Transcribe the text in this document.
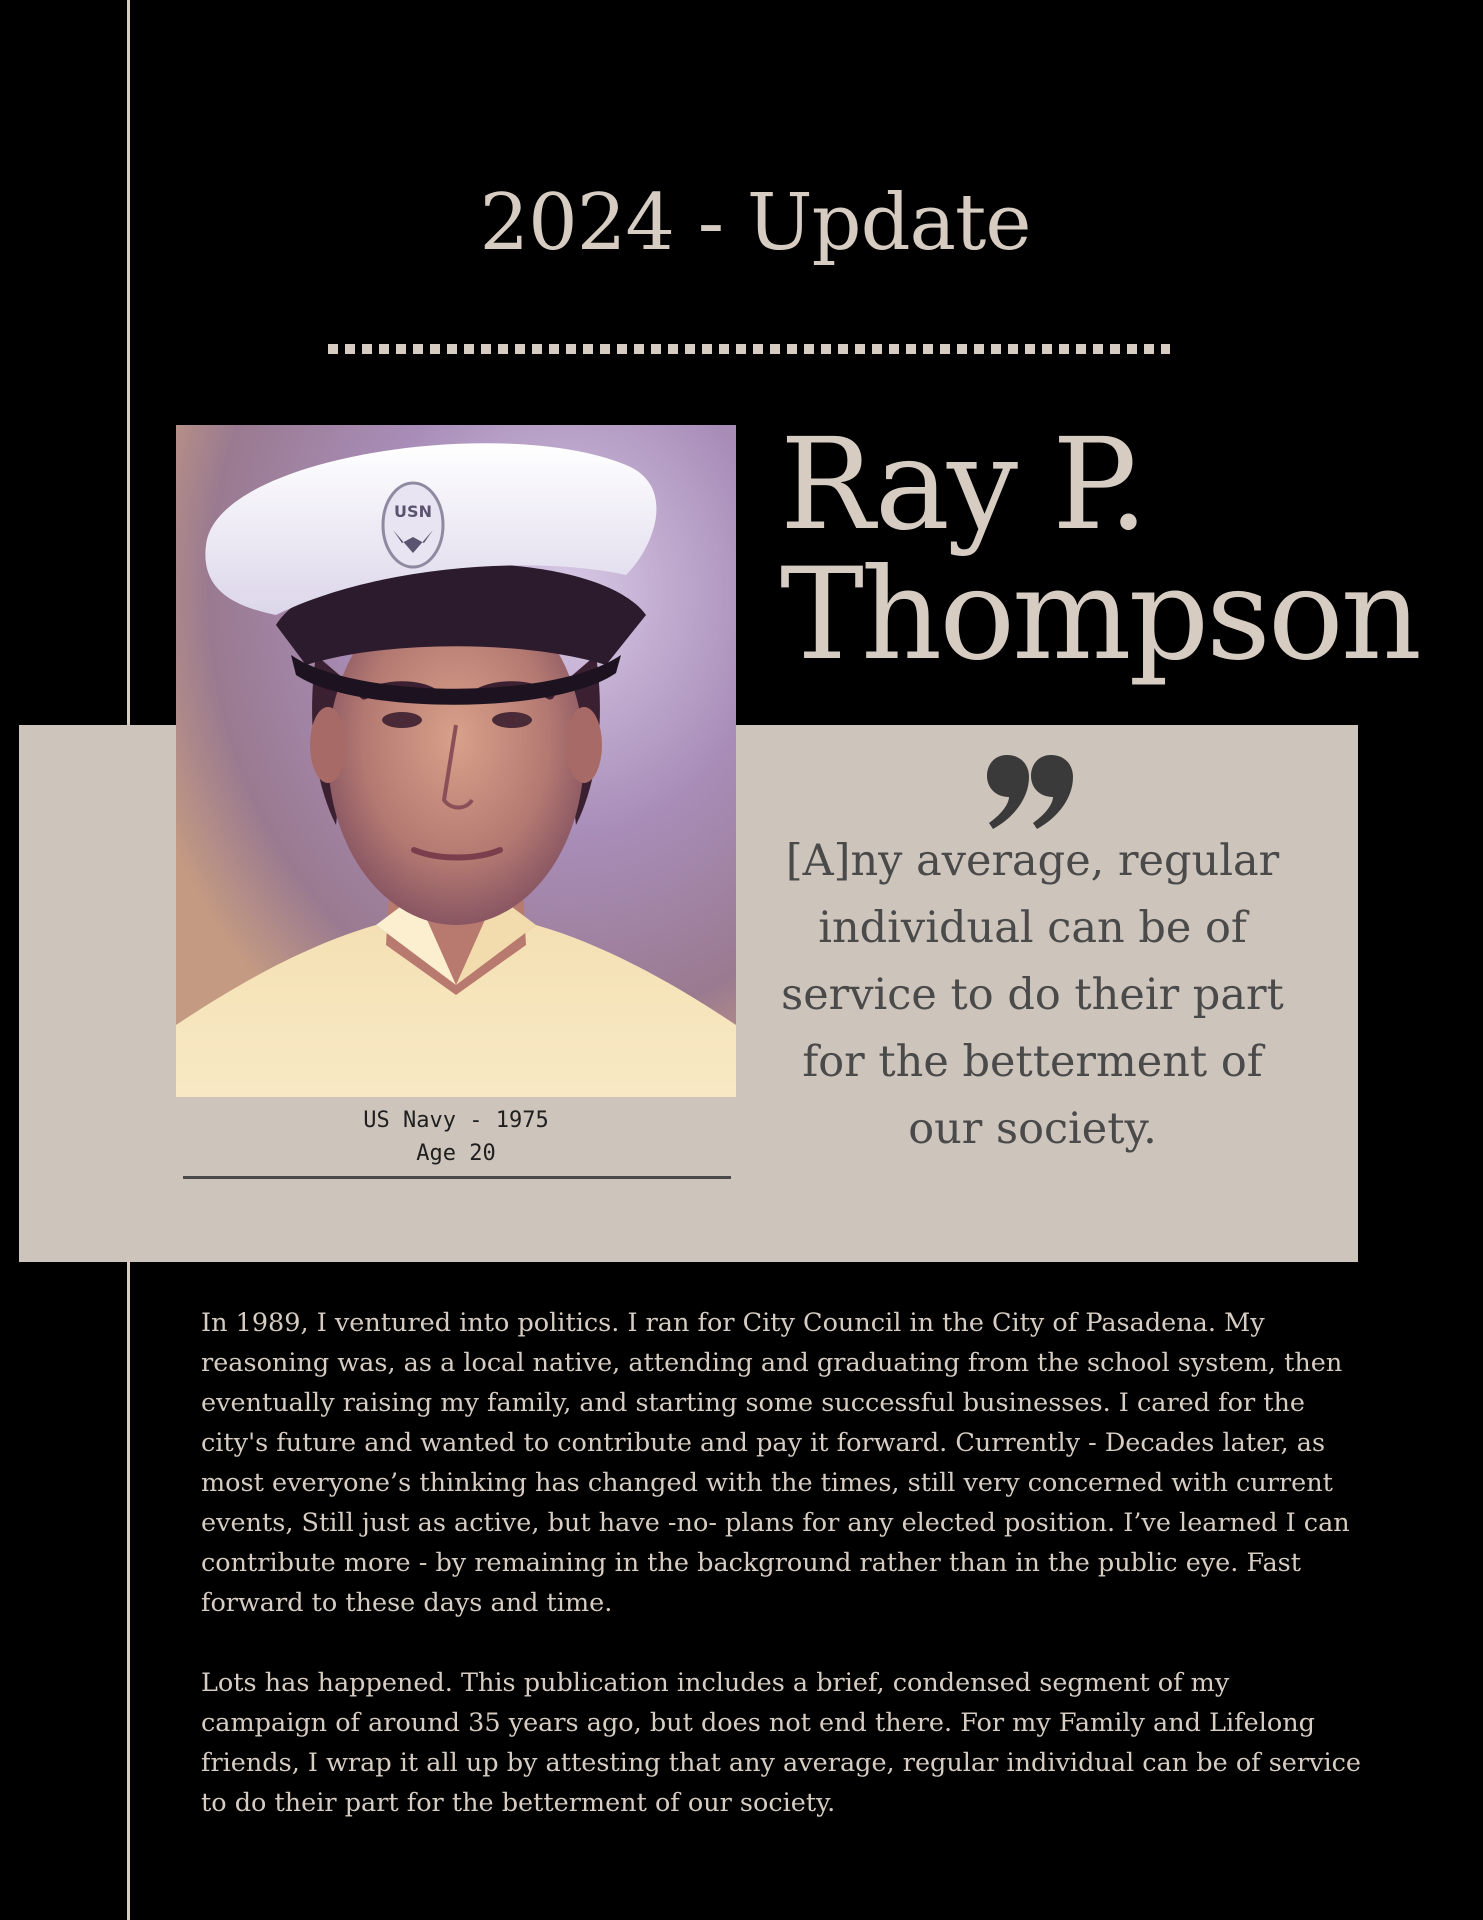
2024 - Update
Ray P.
Thompson
USN
US Navy - 1975
Age 20

[A]ny average, regular individual can be of service to do their part for the betterment of our society.

In 1989, I ventured into politics. I ran for City Council in the City of Pasadena. My reasoning was, as a local native, attending and graduating from the school system, then eventually raising my family, and starting some successful businesses. I cared for the city's future and wanted to contribute and pay it forward. Currently - Decades later, as most everyone’s thinking has changed with the times, still very concerned with current events, Still just as active, but have -no- plans for any elected position. I’ve learned I can contribute more - by remaining in the background rather than in the public eye. Fast forward to these days and time.

Lots has happened. This publication includes a brief, condensed segment of my campaign of around 35 years ago, but does not end there. For my Family and Lifelong friends, I wrap it all up by attesting that any average, regular individual can be of service to do their part for the betterment of our society.
